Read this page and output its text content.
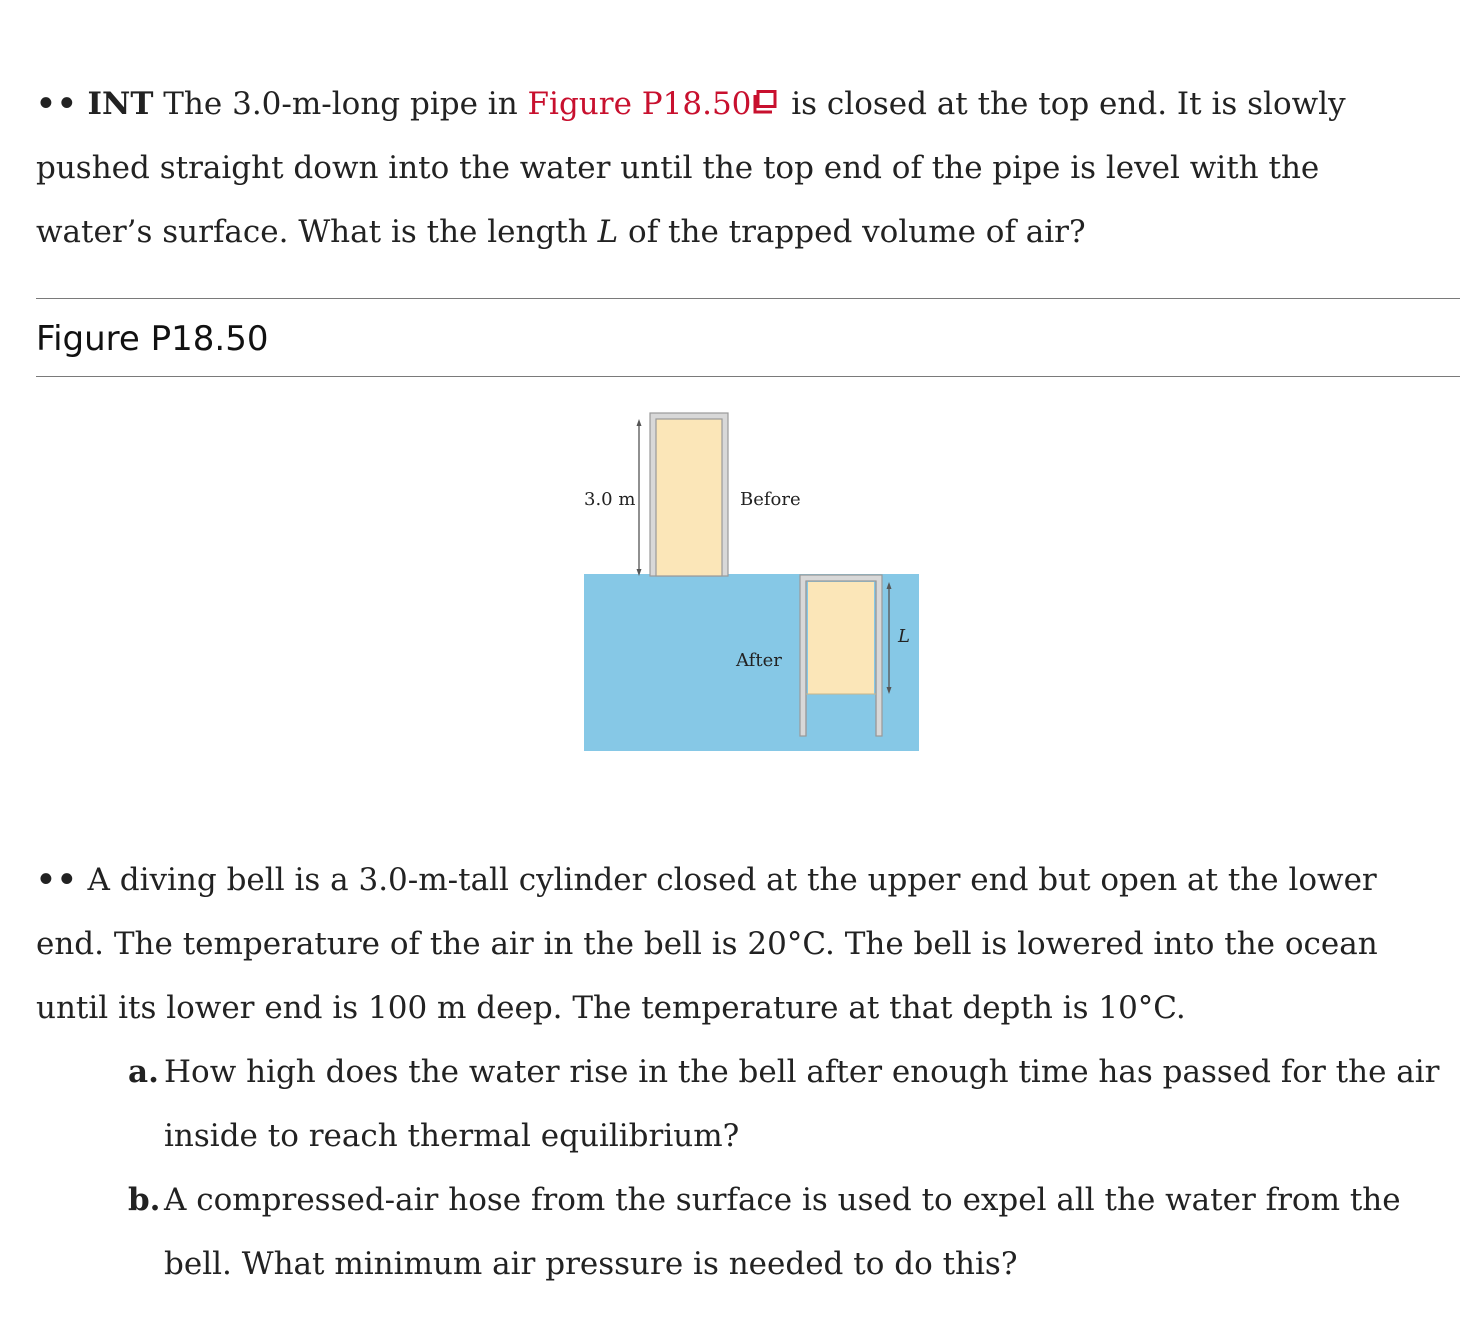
•• INT The 3.0-m-long pipe in Figure P18.50 is closed at the top end. It is slowly pushed straight down into the water until the top end of the pipe is level with the water’s surface. What is the length L of the trapped volume of air?

Figure P18.50
3.0 m	Before
After
L

•• A diving bell is a 3.0-m-tall cylinder closed at the upper end but open at the lower end. The temperature of the air in the bell is 20°C. The bell is lowered into the ocean until its lower end is 100 m deep. The temperature at that depth is 10°C.

a. How high does the water rise in the bell after enough time has passed for the air inside to reach thermal equilibrium?
b. A compressed-air hose from the surface is used to expel all the water from the bell. What minimum air pressure is needed to do this?
